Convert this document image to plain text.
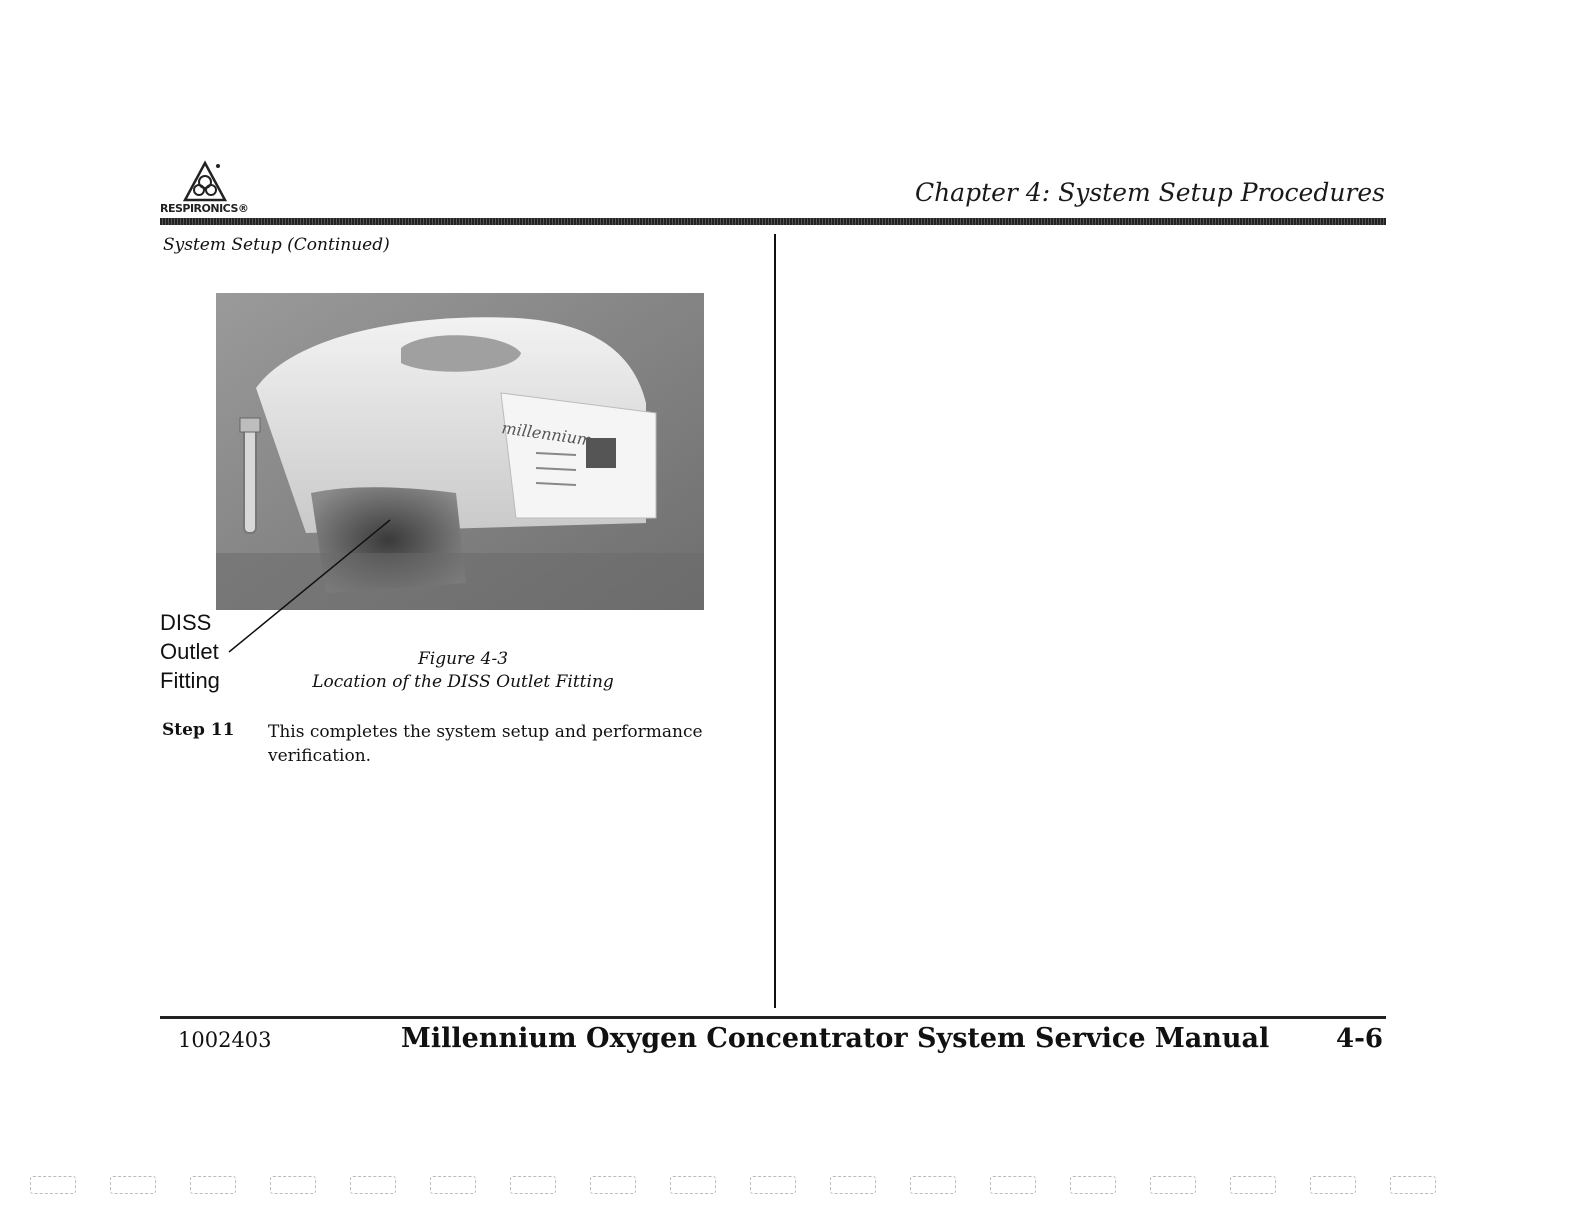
RESPIRONICS®
Chapter 4: System Setup Procedures
System Setup (Continued)
millennium
DISS
Outlet
Fitting
Figure 4-3
Location of the DISS Outlet Fitting
Step 11 This completes the system setup and performance verification.
1002403	Millennium Oxygen Concentrator System Service Manual	4-6
